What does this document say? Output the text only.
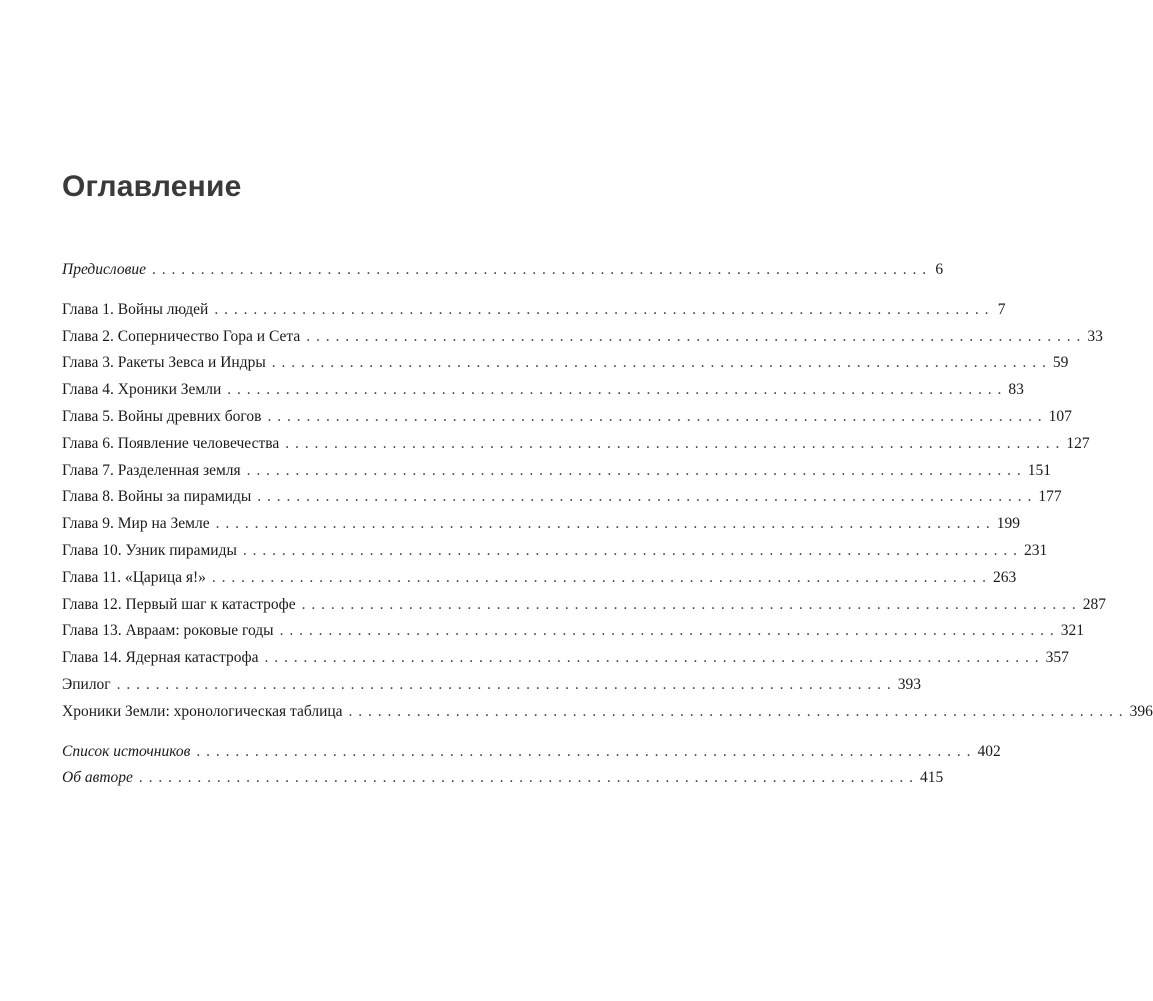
Оглавление
Предисловие . . . . . . . . . . . . . . . . . . . . . . . . . . . . . . . . . . . . . . . . . . . . . . . . . . . . . . . . . . . . . . . . . . . . . . . . . . . . . . . . 6
Глава 1. Войны людей . . . . . . . . . . . . . . . . . . . . . . . . . . . . . . . . . . . . . . . . . . . . . . . . . . . . . . . . . . . . . . . . . . . . . . . . . . . . . . . . 7
Глава 2. Соперничество Гора и Сета . . . . . . . . . . . . . . . . . . . . . . . . . . . . . . . . . . . . . . . . . . . . . . . . . . . . . . . . . . . . . . . . . . . . . . . . . . . . . . . . 33
Глава 3. Ракеты Зевса и Индры . . . . . . . . . . . . . . . . . . . . . . . . . . . . . . . . . . . . . . . . . . . . . . . . . . . . . . . . . . . . . . . . . . . . . . . . . . . . . . . . 59
Глава 4. Хроники Земли . . . . . . . . . . . . . . . . . . . . . . . . . . . . . . . . . . . . . . . . . . . . . . . . . . . . . . . . . . . . . . . . . . . . . . . . . . . . . . . . 83
Глава 5. Войны древних богов . . . . . . . . . . . . . . . . . . . . . . . . . . . . . . . . . . . . . . . . . . . . . . . . . . . . . . . . . . . . . . . . . . . . . . . . . . . . . . . . 107
Глава 6. Появление человечества . . . . . . . . . . . . . . . . . . . . . . . . . . . . . . . . . . . . . . . . . . . . . . . . . . . . . . . . . . . . . . . . . . . . . . . . . . . . . . . . 127
Глава 7. Разделенная земля . . . . . . . . . . . . . . . . . . . . . . . . . . . . . . . . . . . . . . . . . . . . . . . . . . . . . . . . . . . . . . . . . . . . . . . . . . . . . . . . 151
Глава 8. Войны за пирамиды . . . . . . . . . . . . . . . . . . . . . . . . . . . . . . . . . . . . . . . . . . . . . . . . . . . . . . . . . . . . . . . . . . . . . . . . . . . . . . . . 177
Глава 9. Мир на Земле . . . . . . . . . . . . . . . . . . . . . . . . . . . . . . . . . . . . . . . . . . . . . . . . . . . . . . . . . . . . . . . . . . . . . . . . . . . . . . . . 199
Глава 10. Узник пирамиды . . . . . . . . . . . . . . . . . . . . . . . . . . . . . . . . . . . . . . . . . . . . . . . . . . . . . . . . . . . . . . . . . . . . . . . . . . . . . . . . 231
Глава 11. «Царица я!» . . . . . . . . . . . . . . . . . . . . . . . . . . . . . . . . . . . . . . . . . . . . . . . . . . . . . . . . . . . . . . . . . . . . . . . . . . . . . . . . 263
Глава 12. Первый шаг к катастрофе . . . . . . . . . . . . . . . . . . . . . . . . . . . . . . . . . . . . . . . . . . . . . . . . . . . . . . . . . . . . . . . . . . . . . . . . . . . . . . . . 287
Глава 13. Авраам: роковые годы . . . . . . . . . . . . . . . . . . . . . . . . . . . . . . . . . . . . . . . . . . . . . . . . . . . . . . . . . . . . . . . . . . . . . . . . . . . . . . . . 321
Глава 14. Ядерная катастрофа . . . . . . . . . . . . . . . . . . . . . . . . . . . . . . . . . . . . . . . . . . . . . . . . . . . . . . . . . . . . . . . . . . . . . . . . . . . . . . . . 357
Эпилог . . . . . . . . . . . . . . . . . . . . . . . . . . . . . . . . . . . . . . . . . . . . . . . . . . . . . . . . . . . . . . . . . . . . . . . . . . . . . . . . 393
Хроники Земли: хронологическая таблица . . . . . . . . . . . . . . . . . . . . . . . . . . . . . . . . . . . . . . . . . . . . . . . . . . . . . . . . . . . . . . . . . . . . . . . . . . . . . . . . 396
Список источников . . . . . . . . . . . . . . . . . . . . . . . . . . . . . . . . . . . . . . . . . . . . . . . . . . . . . . . . . . . . . . . . . . . . . . . . . . . . . . . . 402
Об авторе . . . . . . . . . . . . . . . . . . . . . . . . . . . . . . . . . . . . . . . . . . . . . . . . . . . . . . . . . . . . . . . . . . . . . . . . . . . . . . . . 415
